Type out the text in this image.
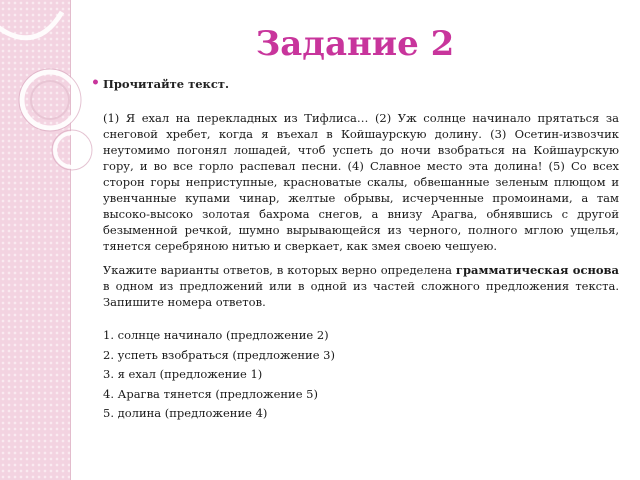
Задание 2
• Прочитайте текст.
(1) Я ехал на перекладных из Тифлиса… (2) Уж солнце начинало прятаться за снеговой хребет, когда я въехал в Койшаурскую долину. (3) Осетин-извозчик неутомимо погонял лошадей, чтоб успеть до ночи взобраться на Койшаурскую гору, и во все горло распевал песни. (4) Славное место эта долина! (5) Со всех сторон горы неприступные, красноватые скалы, обвешанные зеленым плющом и увенчанные купами чинар, желтые обрывы, исчерченные промоинами, а там высоко-высоко золотая бахрома снегов, а внизу Арагва, обнявшись с другой безыменной речкой, шумно вырывающейся из черного, полного мглою ущелья, тянется серебряною нитью и сверкает, как змея своею чешуею.
Укажите варианты ответов, в которых верно определена грамматическая основа в одном из предложений или в одной из частей сложного предложения текста. Запишите номера ответов.
1. солнце начинало (предложение 2)
2. успеть взобраться (предложение 3)
3. я ехал (предложение 1)
4. Арагва тянется (предложение 5)
5. долина (предложение 4)
